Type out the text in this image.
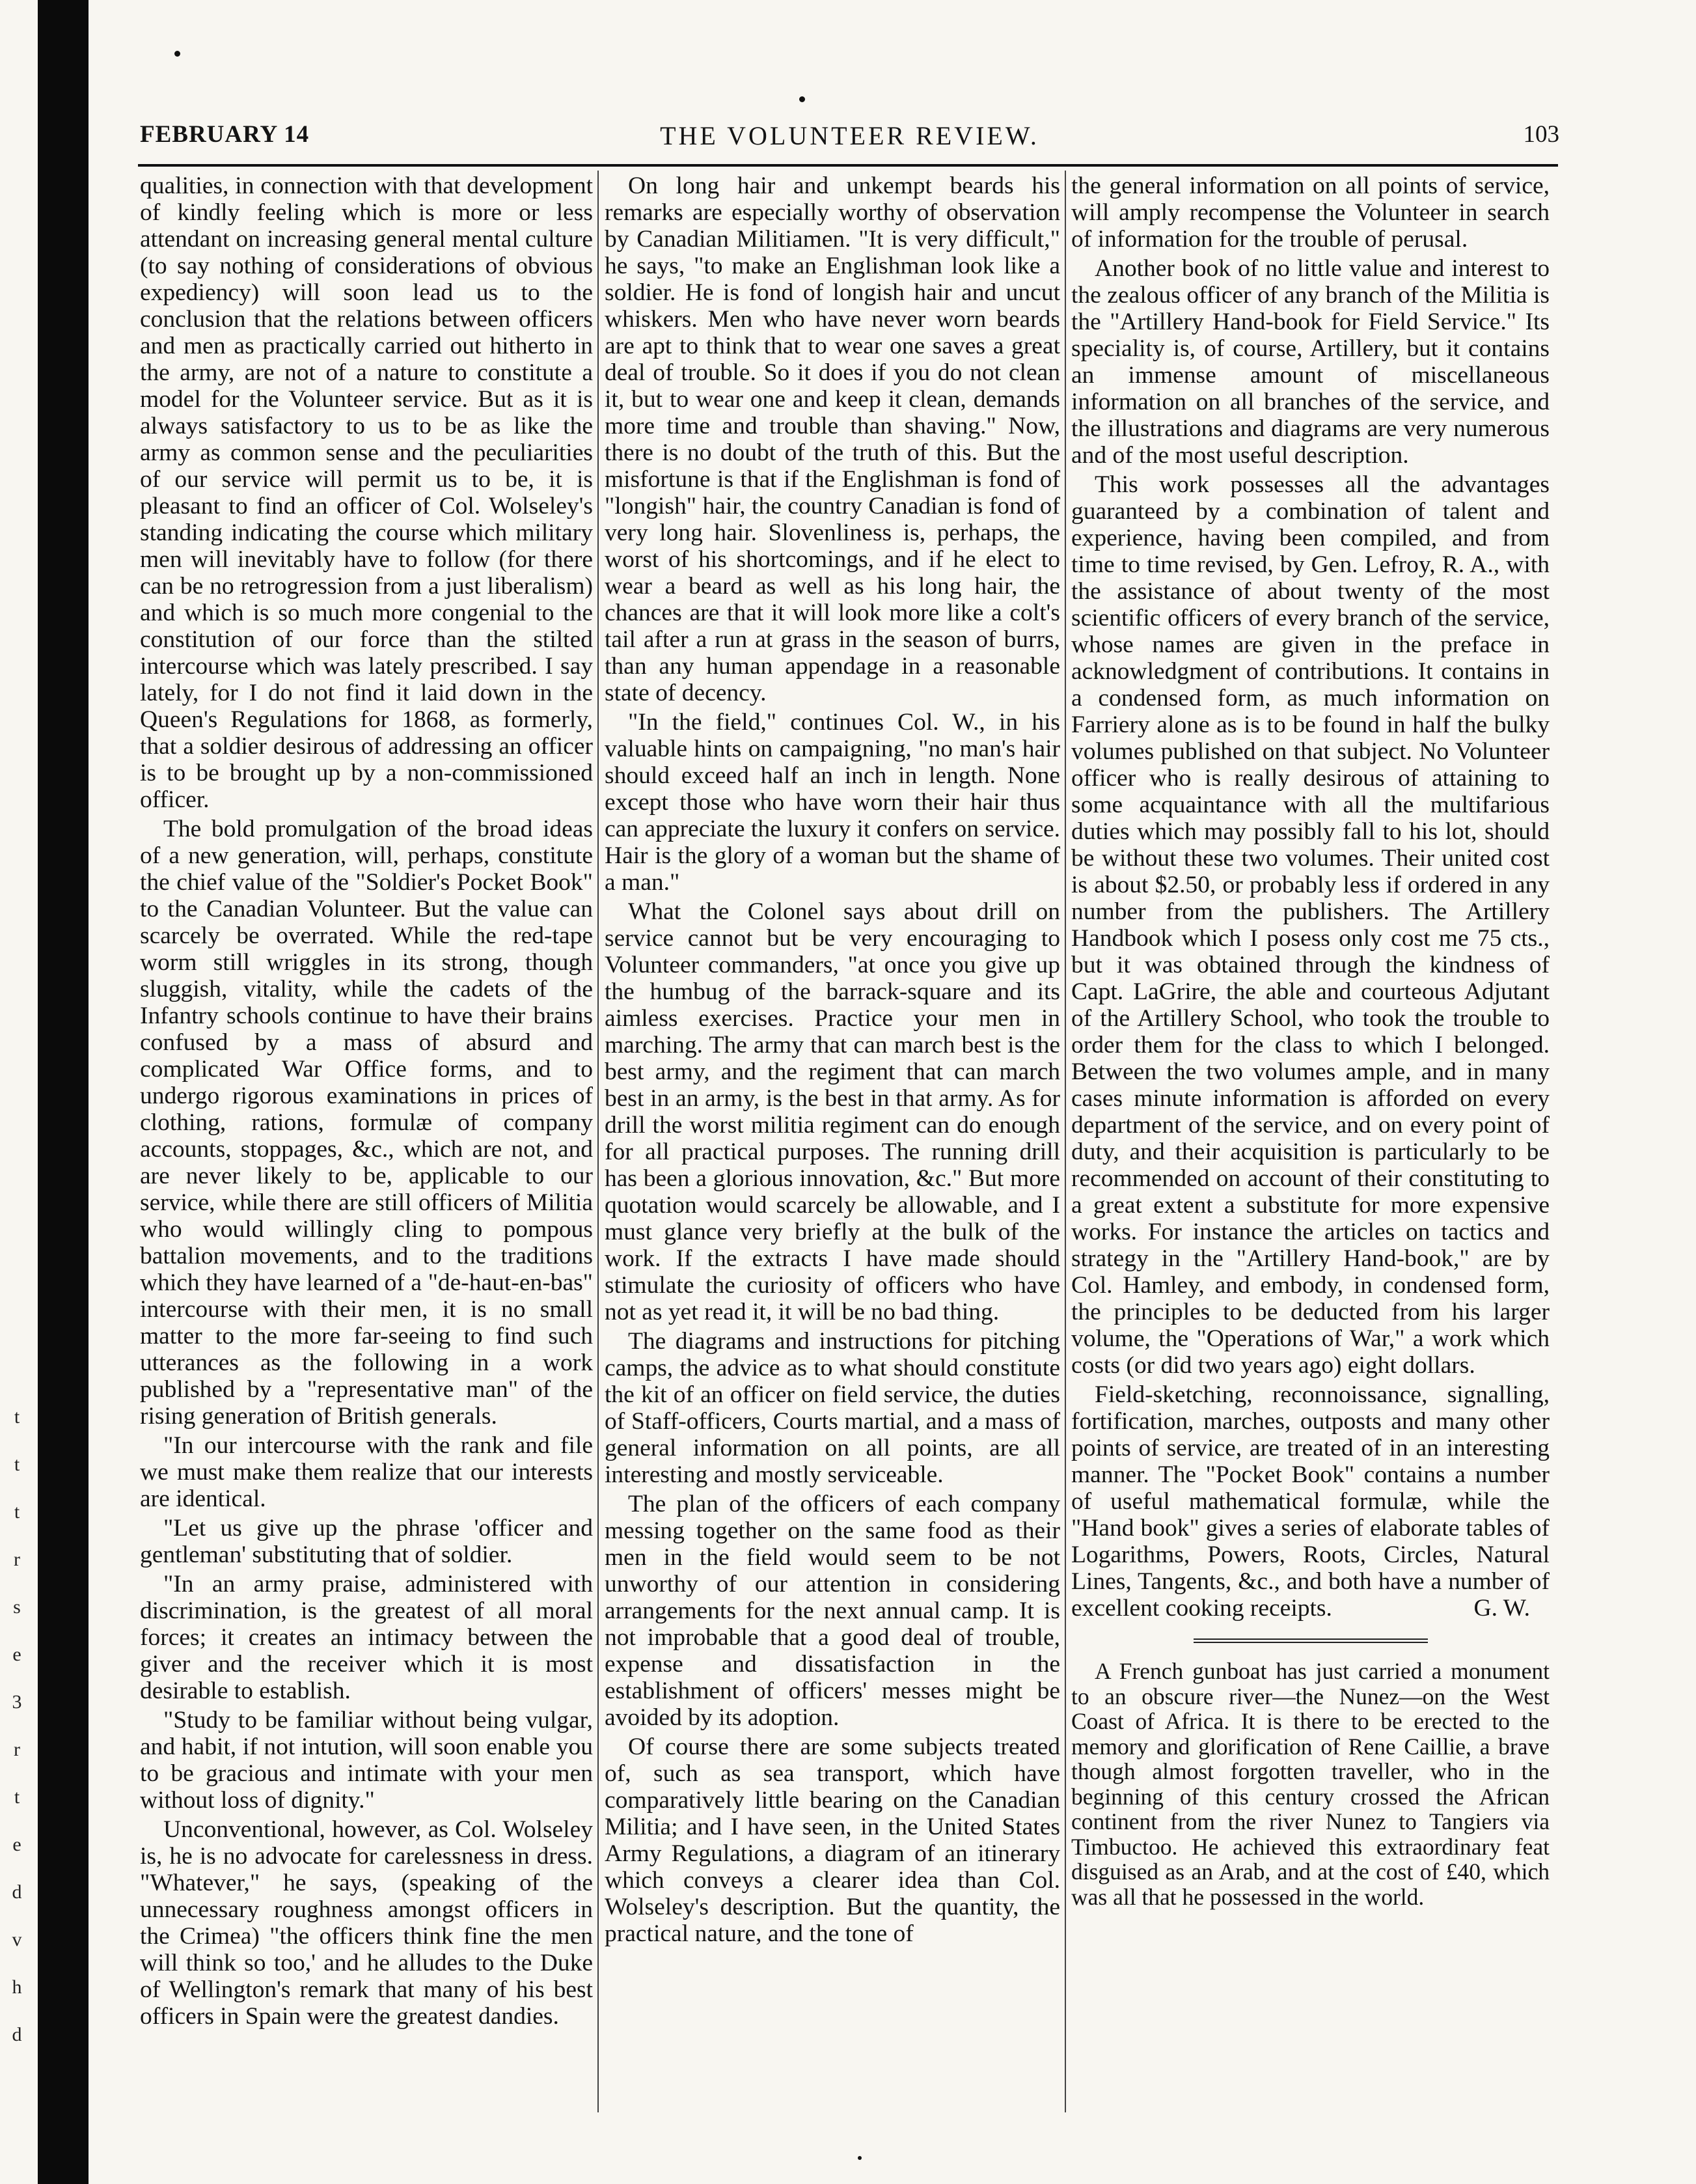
t
t
t
r
s
e
3
r
t
e
d
v
h
d
FEBRUARY 14	THE VOLUNTEER REVIEW.	103

qualities, in connection with that development of kindly feeling which is more or less attendant on increasing general mental culture (to say nothing of considerations of obvious expediency) will soon lead us to the conclusion that the relations between officers and men as practically carried out hitherto in the army, are not of a nature to constitute a model for the Volunteer service. But as it is always satisfactory to us to be as like the army as common sense and the peculiarities of our service will permit us to be, it is pleasant to find an officer of Col. Wolseley's standing indicating the course which military men will inevitably have to follow (for there can be no retrogression from a just liberalism) and which is so much more congenial to the constitution of our force than the stilted intercourse which was lately prescribed. I say lately, for I do not find it laid down in the Queen's Regulations for 1868, as formerly, that a soldier desirous of addressing an officer is to be brought up by a non-commissioned officer.

The bold promulgation of the broad ideas of a new generation, will, perhaps, constitute the chief value of the "Soldier's Pocket Book" to the Canadian Volunteer. But the value can scarcely be overrated. While the red-tape worm still wriggles in its strong, though sluggish, vitality, while the cadets of the Infantry schools continue to have their brains confused by a mass of absurd and complicated War Office forms, and to undergo rigorous examinations in prices of clothing, rations, formulæ of company accounts, stoppages, &c., which are not, and are never likely to be, applicable to our service, while there are still officers of Militia who would willingly cling to pompous battalion movements, and to the traditions which they have learned of a "de-haut-en-bas" intercourse with their men, it is no small matter to the more far-seeing to find such utterances as the following in a work published by a "representative man" of the rising generation of British generals.

"In our intercourse with the rank and file we must make them realize that our interests are identical.

"Let us give up the phrase 'officer and gentleman' substituting that of soldier.

"In an army praise, administered with discrimination, is the greatest of all moral forces; it creates an intimacy between the giver and the receiver which it is most desirable to establish.

"Study to be familiar without being vulgar, and habit, if not intution, will soon enable you to be gracious and intimate with your men without loss of dignity."

Unconventional, however, as Col. Wolseley is, he is no advocate for carelessness in dress. "Whatever," he says, (speaking of the unnecessary roughness amongst officers in the Crimea) "the officers think fine the men will think so too,' and he alludes to the Duke of Wellington's remark that many of his best officers in Spain were the greatest dandies.

On long hair and unkempt beards his remarks are especially worthy of observation by Canadian Militiamen. "It is very difficult," he says, "to make an Englishman look like a soldier. He is fond of longish hair and uncut whiskers. Men who have never worn beards are apt to think that to wear one saves a great deal of trouble. So it does if you do not clean it, but to wear one and keep it clean, demands more time and trouble than shaving." Now, there is no doubt of the truth of this. But the misfortune is that if the Englishman is fond of "longish" hair, the country Canadian is fond of very long hair. Slovenliness is, perhaps, the worst of his shortcomings, and if he elect to wear a beard as well as his long hair, the chances are that it will look more like a colt's tail after a run at grass in the season of burrs, than any human appendage in a reasonable state of decency.

"In the field," continues Col. W., in his valuable hints on campaigning, "no man's hair should exceed half an inch in length. None except those who have worn their hair thus can appreciate the luxury it confers on service. Hair is the glory of a woman but the shame of a man."

What the Colonel says about drill on service cannot but be very encouraging to Volunteer commanders, "at once you give up the humbug of the barrack-square and its aimless exercises. Practice your men in marching. The army that can march best is the best army, and the regiment that can march best in an army, is the best in that army. As for drill the worst militia regiment can do enough for all practical purposes. The running drill has been a glorious innovation, &c." But more quotation would scarcely be allowable, and I must glance very briefly at the bulk of the work. If the extracts I have made should stimulate the curiosity of officers who have not as yet read it, it will be no bad thing.

The diagrams and instructions for pitching camps, the advice as to what should constitute the kit of an officer on field service, the duties of Staff-officers, Courts martial, and a mass of general information on all points, are all interesting and mostly serviceable.

The plan of the officers of each company messing together on the same food as their men in the field would seem to be not unworthy of our attention in considering arrangements for the next annual camp. It is not improbable that a good deal of trouble, expense and dissatisfaction in the establishment of officers' messes might be avoided by its adoption.

Of course there are some subjects treated of, such as sea transport, which have comparatively little bearing on the Canadian Militia; and I have seen, in the United States Army Regulations, a diagram of an itinerary which conveys a clearer idea than Col. Wolseley's description. But the quantity, the practical nature, and the tone of

the general information on all points of service, will amply recompense the Volunteer in search of information for the trouble of perusal.

Another book of no little value and interest to the zealous officer of any branch of the Militia is the "Artillery Hand-book for Field Service." Its speciality is, of course, Artillery, but it contains an immense amount of miscellaneous information on all branches of the service, and the illustrations and diagrams are very numerous and of the most useful description.

This work possesses all the advantages guaranteed by a combination of talent and experience, having been compiled, and from time to time revised, by Gen. Lefroy, R. A., with the assistance of about twenty of the most scientific officers of every branch of the service, whose names are given in the preface in acknowledgment of contributions. It contains in a condensed form, as much information on Farriery alone as is to be found in half the bulky volumes published on that subject. No Volunteer officer who is really desirous of attaining to some acquaintance with all the multifarious duties which may possibly fall to his lot, should be without these two volumes. Their united cost is about $2.50, or probably less if ordered in any number from the publishers. The Artillery Handbook which I posess only cost me 75 cts., but it was obtained through the kindness of Capt. LaGrire, the able and courteous Adjutant of the Artillery School, who took the trouble to order them for the class to which I belonged. Between the two volumes ample, and in many cases minute information is afforded on every department of the service, and on every point of duty, and their acquisition is particularly to be recommended on account of their constituting to a great extent a substitute for more expensive works. For instance the articles on tactics and strategy in the "Artillery Hand-book," are by Col. Hamley, and embody, in condensed form, the principles to be deducted from his larger volume, the "Operations of War," a work which costs (or did two years ago) eight dollars.

Field-sketching, reconnoissance, signalling, fortification, marches, outposts and many other points of service, are treated of in an interesting manner. The "Pocket Book" contains a number of useful mathematical formulæ, while the "Hand book" gives a series of elaborate tables of Logarithms, Powers, Roots, Circles, Natural Lines, Tangents, &c., and both have a number of excellent cooking receipts.	G. W.

A French gunboat has just carried a monument to an obscure river—the Nunez—on the West Coast of Africa. It is there to be erected to the memory and glorification of Rene Caillie, a brave though almost forgotten traveller, who in the beginning of this century crossed the African continent from the river Nunez to Tangiers via Timbuctoo. He achieved this extraordinary feat disguised as an Arab, and at the cost of £40, which was all that he possessed in the world.
